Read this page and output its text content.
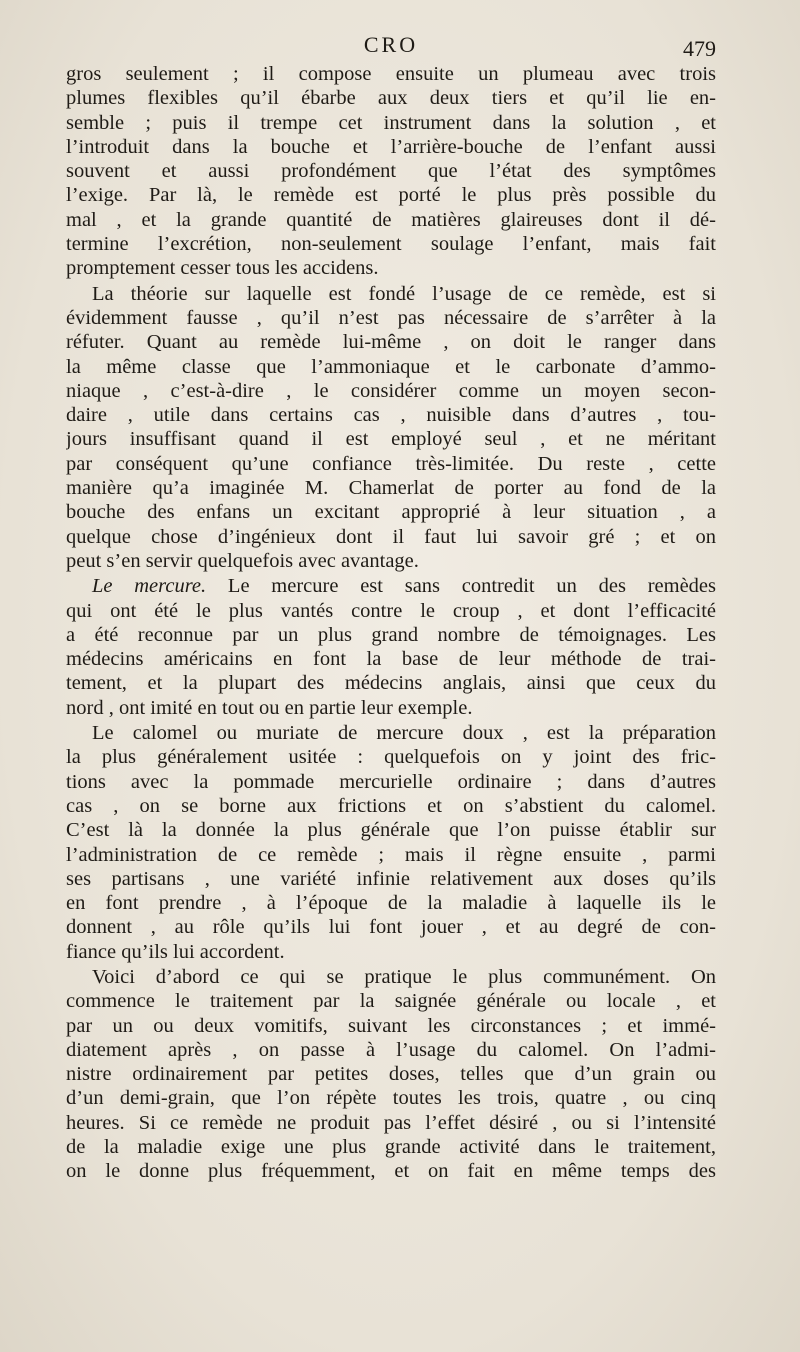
CRO	479
gros seulement ; il compose ensuite un plumeau avec trois
plumes flexibles qu’il ébarbe aux deux tiers et qu’il lie en-
semble ; puis il trempe cet instrument dans la solution , et
l’introduit dans la bouche et l’arrière-bouche de l’enfant aussi
souvent et aussi profondément que l’état des symptômes
l’exige. Par là, le remède est porté le plus près possible du
mal , et la grande quantité de matières glaireuses dont il dé-
termine l’excrétion, non-seulement soulage l’enfant, mais fait
promptement cesser tous les accidens.
La théorie sur laquelle est fondé l’usage de ce remède, est si
évidemment fausse , qu’il n’est pas nécessaire de s’arrêter à la
réfuter. Quant au remède lui-même , on doit le ranger dans
la même classe que l’ammoniaque et le carbonate d’ammo-
niaque , c’est-à-dire , le considérer comme un moyen secon-
daire , utile dans certains cas , nuisible dans d’autres , tou-
jours insuffisant quand il est employé seul , et ne méritant
par conséquent qu’une confiance très-limitée. Du reste , cette
manière qu’a imaginée M. Chamerlat de porter au fond de la
bouche des enfans un excitant approprié à leur situation , a
quelque chose d’ingénieux dont il faut lui savoir gré ; et on
peut s’en servir quelquefois avec avantage.
Le mercure. Le mercure est sans contredit un des remèdes
qui ont été le plus vantés contre le croup , et dont l’efficacité
a été reconnue par un plus grand nombre de témoignages. Les
médecins américains en font la base de leur méthode de trai-
tement, et la plupart des médecins anglais, ainsi que ceux du
nord , ont imité en tout ou en partie leur exemple.
Le calomel ou muriate de mercure doux , est la préparation
la plus généralement usitée : quelquefois on y joint des fric-
tions avec la pommade mercurielle ordinaire ; dans d’autres
cas , on se borne aux frictions et on s’abstient du calomel.
C’est là la donnée la plus générale que l’on puisse établir sur
l’administration de ce remède ; mais il règne ensuite , parmi
ses partisans , une variété infinie relativement aux doses qu’ils
en font prendre , à l’époque de la maladie à laquelle ils le
donnent , au rôle qu’ils lui font jouer , et au degré de con-
fiance qu’ils lui accordent.
Voici d’abord ce qui se pratique le plus communément. On
commence le traitement par la saignée générale ou locale , et
par un ou deux vomitifs, suivant les circonstances ; et immé-
diatement après , on passe à l’usage du calomel. On l’admi-
nistre ordinairement par petites doses, telles que d’un grain ou
d’un demi-grain, que l’on répète toutes les trois, quatre , ou cinq
heures. Si ce remède ne produit pas l’effet désiré , ou si l’intensité
de la maladie exige une plus grande activité dans le traitement,
on le donne plus fréquemment, et on fait en même temps des
